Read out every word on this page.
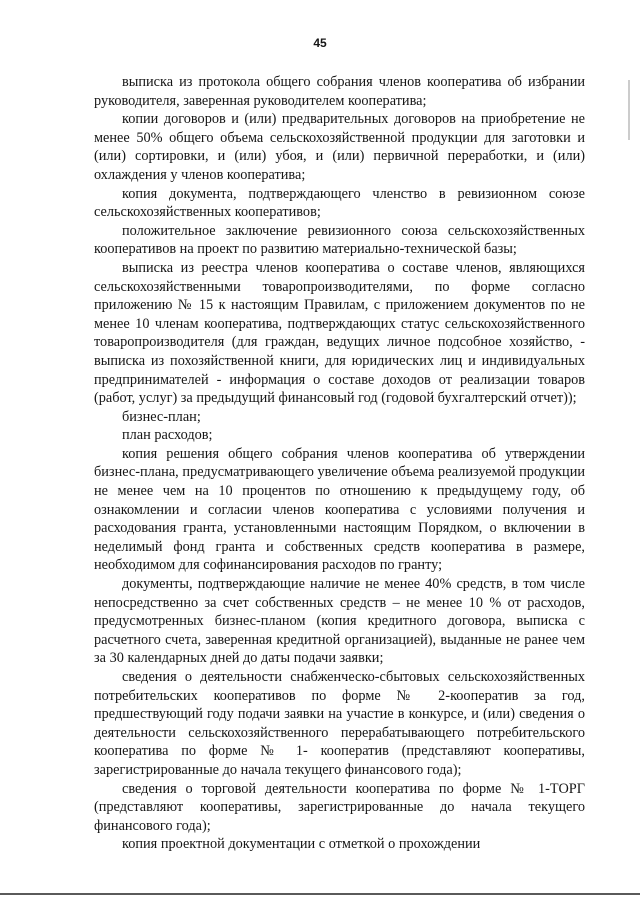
45

выписка из протокола общего собрания членов кооператива об избрании руководителя, заверенная руководителем кооператива;

копии договоров и (или) предварительных договоров на приобретение не менее 50% общего объема сельскохозяйственной продукции для заготовки и (или) сортировки, и (или) убоя, и (или) первичной переработки, и (или) охлаждения у членов кооператива;

копия документа, подтверждающего членство в ревизионном союзе сельскохозяйственных кооперативов;

положительное заключение ревизионного союза сельскохозяйственных кооперативов на проект по развитию материально-технической базы;

выписка из реестра членов кооператива о составе членов, являющихся сельскохозяйственными товаропроизводителями, по форме согласно приложению № 15 к настоящим Правилам, с приложением документов по не менее 10 членам кооператива, подтверждающих статус сельскохозяйственного товаропроизводителя (для граждан, ведущих личное подсобное хозяйство, - выписка из похозяйственной книги, для юридических лиц и индивидуальных предпринимателей - информация о составе доходов от реализации товаров (работ, услуг) за предыдущий финансовый год (годовой бухгалтерский отчет));

бизнес-план;

план расходов;

копия решения общего собрания членов кооператива об утверждении бизнес-плана, предусматривающего увеличение объема реализуемой продукции не менее чем на 10 процентов по отношению к предыдущему году, об ознакомлении и согласии членов кооператива с условиями получения и расходования гранта, установленными настоящим Порядком, о включении в неделимый фонд гранта и собственных средств кооператива в размере, необходимом для софинансирования расходов по гранту;

документы, подтверждающие наличие не менее 40% средств, в том числе непосредственно за счет собственных средств – не менее 10 % от расходов, предусмотренных бизнес-планом (копия кредитного договора, выписка с расчетного счета, заверенная кредитной организацией), выданные не ранее чем за 30 календарных дней до даты подачи заявки;

сведения о деятельности снабженческо-сбытовых сельскохозяйственных потребительских кооперативов по форме № 2-кооператив за год, предшествующий году подачи заявки на участие в конкурсе, и (или) сведения о деятельности сельскохозяйственного перерабатывающего потребительского кооператива по форме № 1- кооператив (представляют кооперативы, зарегистрированные до начала текущего финансового года);

сведения о торговой деятельности кооператива по форме № 1-ТОРГ (представляют кооперативы, зарегистрированные до начала текущего финансового года);

копия проектной документации с отметкой о прохождении
